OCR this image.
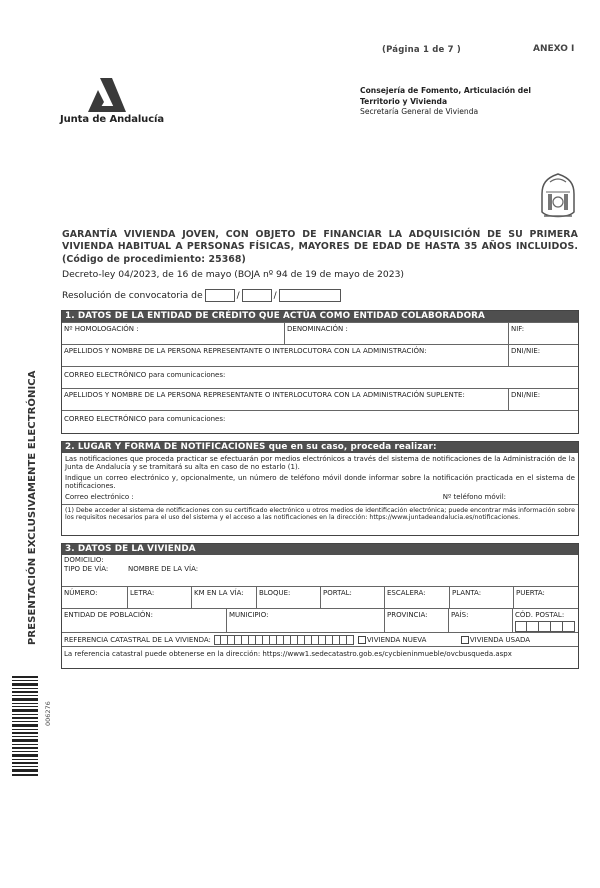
(Página 1 de 7 )	ANEXO I
Junta de Andalucía
Consejería de Fomento, Articulación del
Territorio y Vivienda
Secretaría General de Vivienda
GARANTÍA VIVIENDA JOVEN, CON OBJETO DE FINANCIAR LA ADQUISICIÓN DE SU PRIMERA VIVIENDA HABITUAL A PERSONAS FÍSICAS, MAYORES DE EDAD DE HASTA 35 AÑOS INCLUIDOS. (Código de procedimiento: 25368)
Decreto-ley 04/2023, de 16 de mayo (BOJA nº 94 de 19 de mayo de 2023)
Resolución de convocatoria de	/	/
PRESENTACIÓN EXCLUSIVAMENTE ELECTRÓNICA
006276
1. DATOS DE LA ENTIDAD DE CRÉDITO QUE ACTÚA COMO ENTIDAD COLABORADORA
Nº HOMOLOGACIÓN :	DENOMINACIÓN :	NIF:
APELLIDOS Y NOMBRE DE LA PERSONA REPRESENTANTE O INTERLOCUTORA CON LA ADMINISTRACIÓN:	DNI/NIE:
CORREO ELECTRÓNICO para comunicaciones:
APELLIDOS Y NOMBRE DE LA PERSONA REPRESENTANTE O INTERLOCUTORA CON LA ADMINISTRACIÓN SUPLENTE:	DNI/NIE:
CORREO ELECTRÓNICO para comunicaciones:
2. LUGAR Y FORMA DE NOTIFICACIONES que en su caso, proceda realizar:
Las notificaciones que proceda practicar se efectuarán por medios electrónicos a través del sistema de notificaciones de la Administración de la Junta de Andalucía y se tramitará su alta en caso de no estarlo (1).
Indique un correo electrónico y, opcionalmente, un número de teléfono móvil donde informar sobre la notificación practicada en el sistema de notificaciones.
Correo electrónico :	Nº teléfono móvil:
(1) Debe acceder al sistema de notificaciones con su certificado electrónico u otros medios de identificación electrónica; puede encontrar más información sobre los requisitos necesarios para el uso del sistema y el acceso a las notificaciones en la dirección: https://www.juntadeandalucia.es/notificaciones.
3. DATOS DE LA VIVIENDA
DOMICILIO:
TIPO DE VÍA:	NOMBRE DE LA VÍA:
NÚMERO:	LETRA:	KM EN LA VÍA:	BLOQUE:	PORTAL:	ESCALERA:	PLANTA:	PUERTA:
ENTIDAD DE POBLACIÓN:	MUNICIPIO:	PROVINCIA:	PAÍS:	CÓD. POSTAL:
REFERENCIA CATASTRAL DE LA VIVIENDA:	VIVIENDA NUEVA	VIVIENDA USADA
La referencia catastral puede obtenerse en la dirección: https://www1.sedecatastro.gob.es/cycbieninmueble/ovcbusqueda.aspx
